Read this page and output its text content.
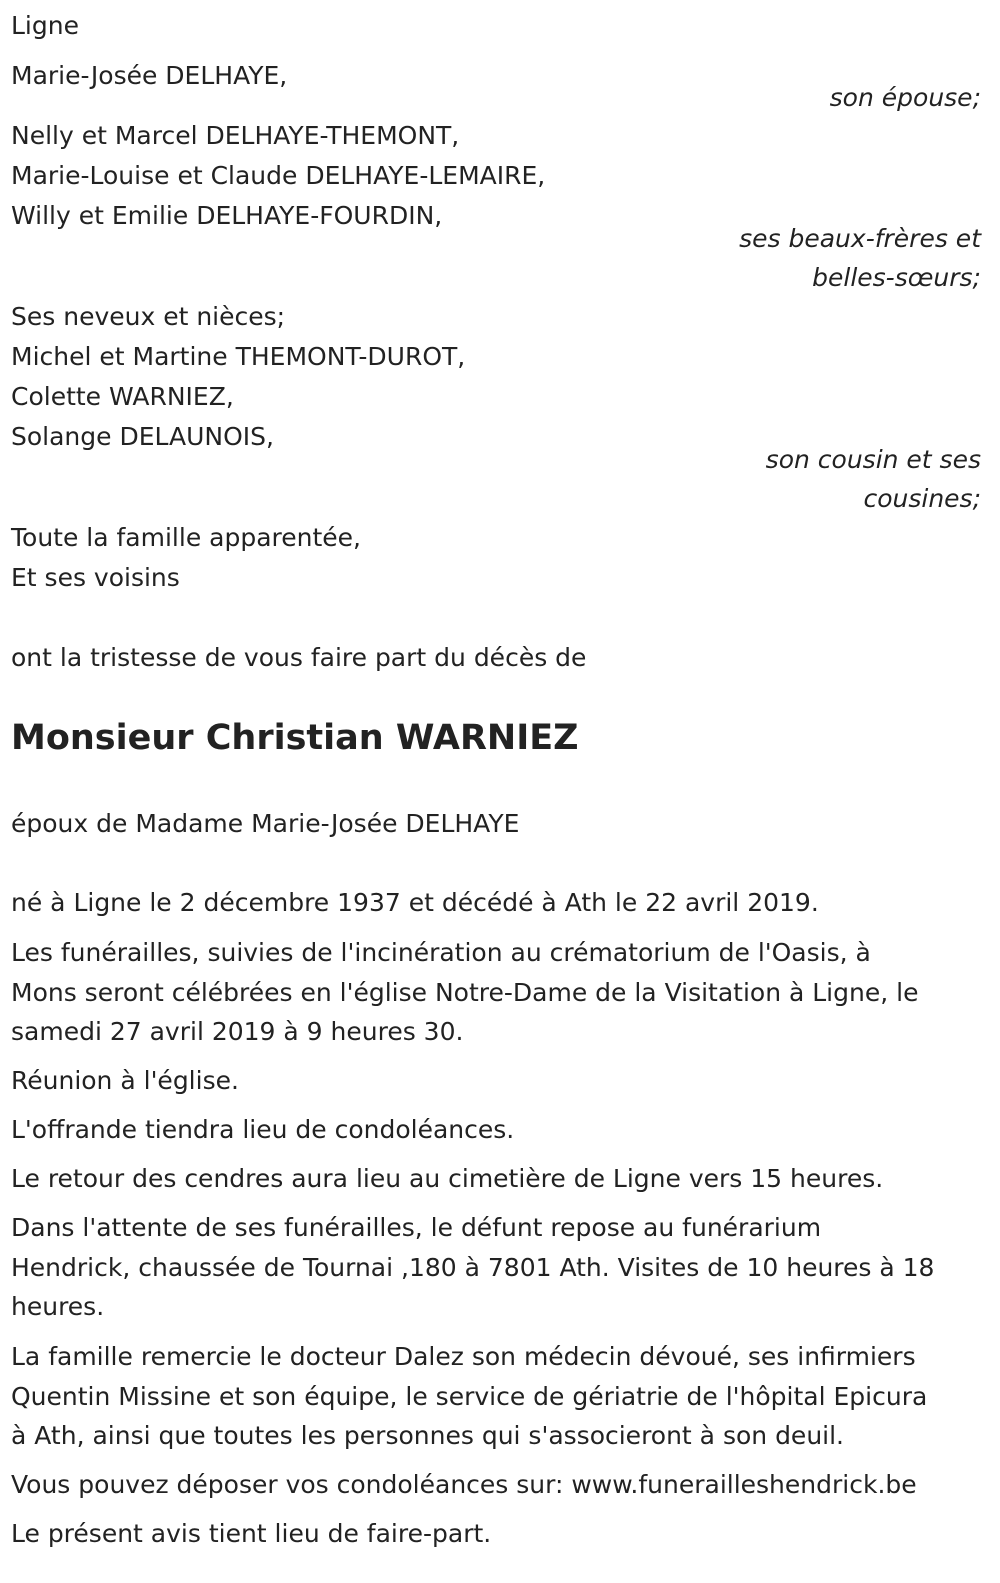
Ligne
Marie-Josée DELHAYE,
son épouse;
Nelly et Marcel DELHAYE-THEMONT,
Marie-Louise et Claude DELHAYE-LEMAIRE,
Willy et Emilie DELHAYE-FOURDIN,
ses beaux-frères et
belles-sœurs;
Ses neveux et nièces;
Michel et Martine THEMONT-DUROT,
Colette WARNIEZ,
Solange DELAUNOIS,
son cousin et ses
cousines;
Toute la famille apparentée,
Et ses voisins
ont la tristesse de vous faire part du décès de
Monsieur Christian WARNIEZ
époux de Madame Marie-Josée DELHAYE
né à Ligne le 2 décembre 1937 et décédé à Ath le 22 avril 2019.
Les funérailles, suivies de l'incinération au crématorium de l'Oasis, à
Mons seront célébrées en l'église Notre-Dame de la Visitation à Ligne, le
samedi 27 avril 2019 à 9 heures 30.
Réunion à l'église.
L'offrande tiendra lieu de condoléances.
Le retour des cendres aura lieu au cimetière de Ligne vers 15 heures.
Dans l'attente de ses funérailles, le défunt repose au funérarium
Hendrick, chaussée de Tournai ,180 à 7801 Ath. Visites de 10 heures à 18
heures.
La famille remercie le docteur Dalez son médecin dévoué, ses infirmiers
Quentin Missine et son équipe, le service de gériatrie de l'hôpital Epicura
à Ath, ainsi que toutes les personnes qui s'associeront à son deuil.
Vous pouvez déposer vos condoléances sur: www.funerailleshendrick.be
Le présent avis tient lieu de faire-part.
